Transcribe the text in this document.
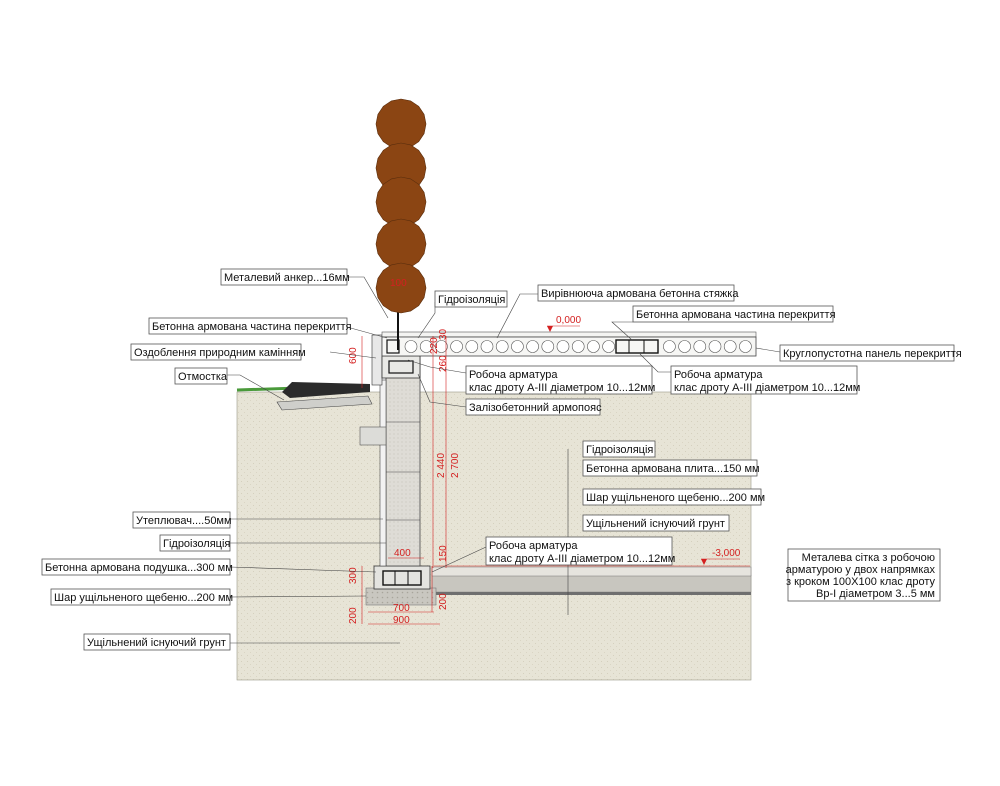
0,000
-3,000
600
220
30
260
2 440 2 700
150
200
400
300
200	700
900
100
Металевий анкер...16мм
Гідроізоляція	Вирівнююча армована бетонна стяжка
Бетонна армована частина перекриття
Бетонна армована частина перекриття
Оздоблення природним камінням	Круглопустотна панель перекриття
Отмостка	Робоча арматура
клас дроту А-III діаметром 10...12мм
Робоча арматура
клас дроту А-III діаметром 10...12мм
Залізобетонний армопояс
Гідроізоляція
Бетонна армована плита...150 мм
Шар ущільненого щебеню...200 мм
Ущільнений існуючий грунт
Утеплювач....50мм
Гідроізоляція	Робоча арматура
клас дроту А-III діаметром 10...12мм
Бетонна армована подушка...300 мм
Шар ущільненого щебеню...200 мм
Ущільнений існуючий грунт
Металева сітка з робочою
арматурою у двох напрямках
з кроком 100Х100 клас дроту
Вр-І діаметром 3...5 мм
